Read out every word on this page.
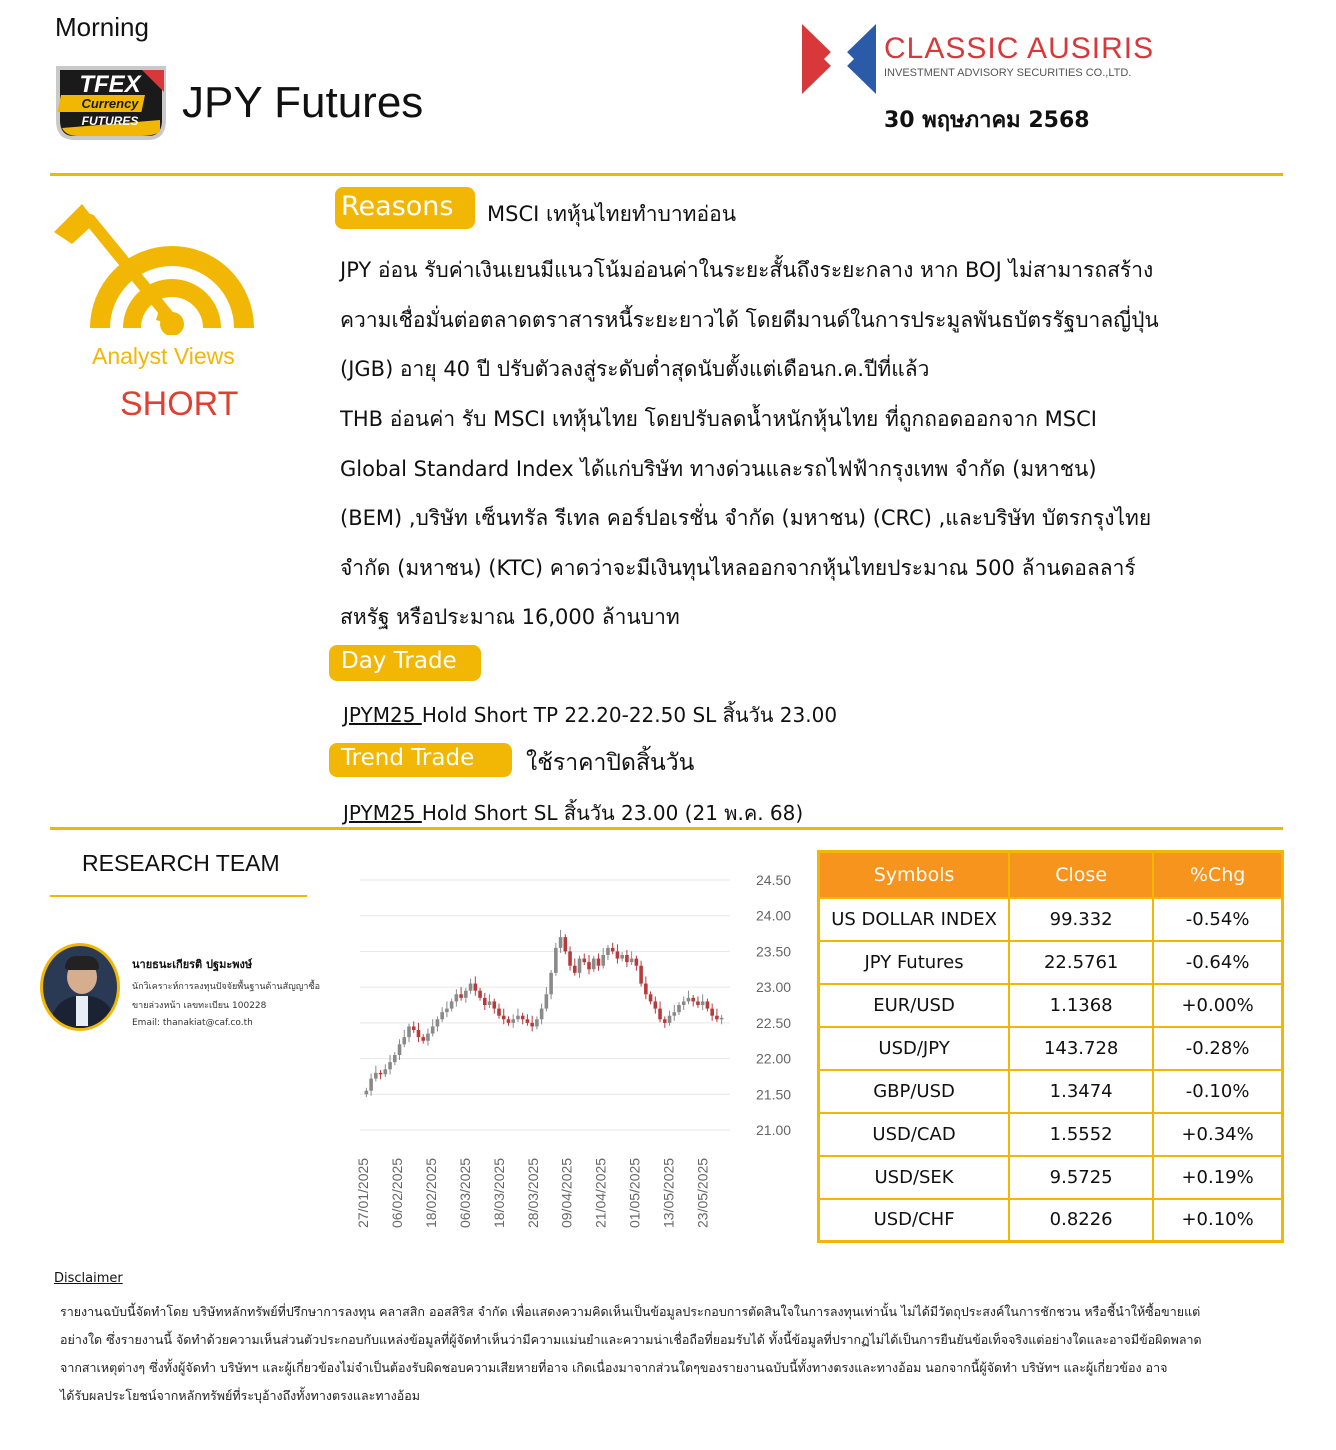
Morning
TFEX
Currency
FUTURES JPY Futures
CLASSIC AUSIRIS
INVESTMENT ADVISORY SECURITIES CO.,LTD.
30 พฤษภาคม 2568
Analyst Views
SHORT
Reasons	MSCI เทหุ้นไทยทำบาทอ่อน
JPY อ่อน รับค่าเงินเยนมีแนวโน้มอ่อนค่าในระยะสั้นถึงระยะกลาง หาก BOJ ไม่สามารถสร้าง
ความเชื่อมั่นต่อตลาดตราสารหนี้ระยะยาวได้ โดยดีมานด์ในการประมูลพันธบัตรรัฐบาลญี่ปุ่น
(JGB) อายุ 40 ปี ปรับตัวลงสู่ระดับต่ำสุดนับตั้งแต่เดือนก.ค.ปีที่แล้ว
THB อ่อนค่า รับ MSCI เทหุ้นไทย โดยปรับลดน้ำหนักหุ้นไทย ที่ถูกถอดออกจาก MSCI
Global Standard Index ได้แก่บริษัท ทางด่วนและรถไฟฟ้ากรุงเทพ จำกัด (มหาชน)
(BEM) ,บริษัท เซ็นทรัล รีเทล คอร์ปอเรชั่น จำกัด (มหาชน) (CRC) ,และบริษัท บัตรกรุงไทย
จำกัด (มหาชน) (KTC) คาดว่าจะมีเงินทุนไหลออกจากหุ้นไทยประมาณ 500 ล้านดอลลาร์
สหรัฐ หรือประมาณ 16,000 ล้านบาท
Day Trade
JPYM25 Hold Short TP 22.20-22.50 SL สิ้นวัน 23.00
Trend Trade	ใช้ราคาปิดสิ้นวัน
JPYM25 Hold Short SL สิ้นวัน 23.00 (21 พ.ค. 68)
RESEARCH TEAM
นายธนะเกียรติ ปฐมะพงษ์
นักวิเคราะห์การลงทุนปัจจัยพื้นฐานด้านสัญญาซื้อ
ขายล่วงหน้า เลขทะเบียน 100228
Email: thanakiat@caf.co.th
24.50
24.00
23.50
23.00
22.50
22.00
21.50
21.00
27/01/2025 06/02/2025 18/02/2025 06/03/2025 18/03/2025 28/03/2025 09/04/2025 21/04/2025 01/05/2025 13/05/2025 23/05/2025
Symbols	Close	%Chg
US DOLLAR INDEX	99.332	-0.54%
JPY Futures	22.5761	-0.64%
EUR/USD	1.1368	+0.00%
USD/JPY	143.728	-0.28%
GBP/USD	1.3474	-0.10%
USD/CAD	1.5552	+0.34%
USD/SEK	9.5725	+0.19%
USD/CHF	0.8226	+0.10%
Disclaimer
รายงานฉบับนี้จัดทำโดย บริษัทหลักทรัพย์ที่ปรึกษาการลงทุน คลาสสิก ออสสิริส จำกัด เพื่อแสดงความคิดเห็นเป็นข้อมูลประกอบการตัดสินใจในการลงทุนเท่านั้น ไม่ได้มีวัตถุประสงค์ในการชักชวน หรือชี้นำให้ซื้อขายแต่
อย่างใด ซึ่งรายงานนี้ จัดทำด้วยความเห็นส่วนตัวประกอบกับแหล่งข้อมูลที่ผู้จัดทำเห็นว่ามีความแม่นยำและความน่าเชื่อถือที่ยอมรับได้ ทั้งนี้ข้อมูลที่ปรากฏไม่ได้เป็นการยืนยันข้อเท็จจริงแต่อย่างใดและอาจมีข้อผิดพลาด
จากสาเหตุต่างๆ ซึ่งทั้งผู้จัดทำ บริษัทฯ และผู้เกี่ยวข้องไม่จำเป็นต้องรับผิดชอบความเสียหายที่อาจ เกิดเนื่องมาจากส่วนใดๆของรายงานฉบับนี้ทั้งทางตรงและทางอ้อม นอกจากนี้ผู้จัดทำ บริษัทฯ และผู้เกี่ยวข้อง อาจ
ได้รับผลประโยชน์จากหลักทรัพย์ที่ระบุอ้างถึงทั้งทางตรงและทางอ้อม
